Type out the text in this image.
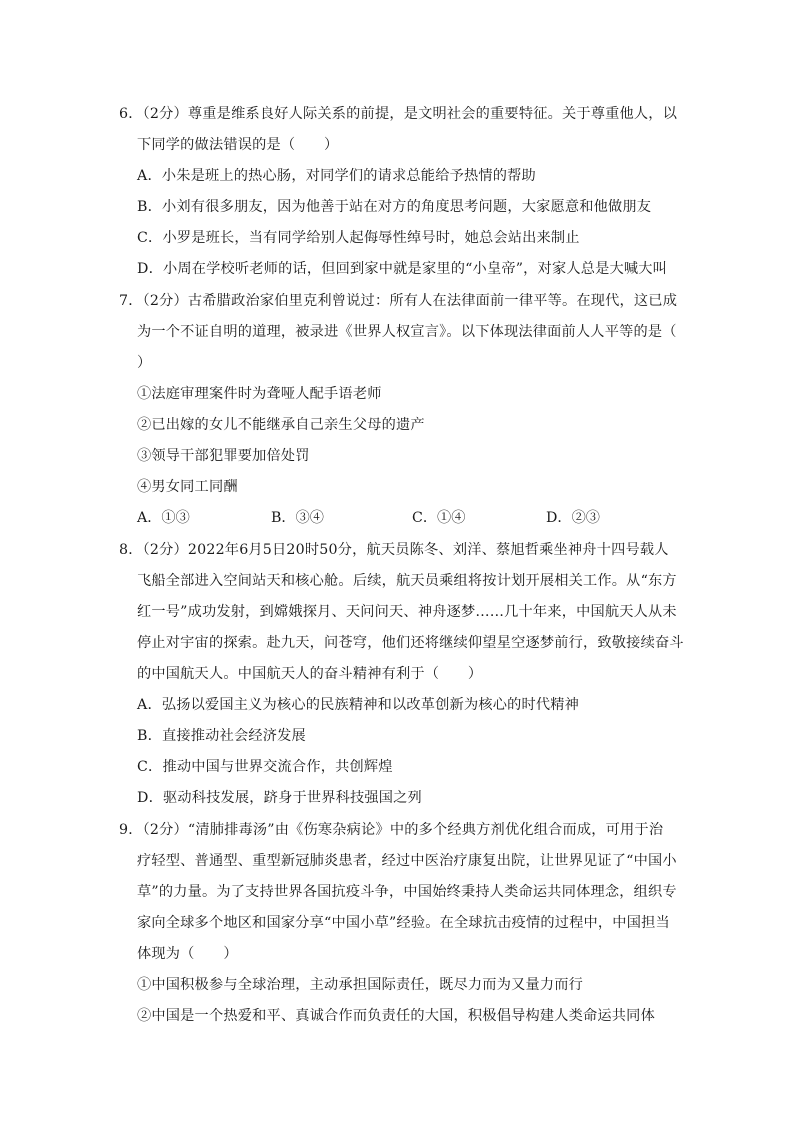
6．（2分）尊重是维系良好人际关系的前提，是文明社会的重要特征。关于尊重他人，以
下同学的做法错误的是（　　）
A．小朱是班上的热心肠，对同学们的请求总能给予热情的帮助
B．小刘有很多朋友，因为他善于站在对方的角度思考问题，大家愿意和他做朋友
C．小罗是班长，当有同学给别人起侮辱性绰号时，她总会站出来制止
D．小周在学校听老师的话，但回到家中就是家里的“小皇帝”，对家人总是大喊大叫
7．（2分）古希腊政治家伯里克利曾说过：所有人在法律面前一律平等。在现代，这已成
为一个不证自明的道理，被录进《世界人权宣言》。以下体现法律面前人人平等的是（
）
①法庭审理案件时为聋哑人配手语老师
②已出嫁的女儿不能继承自己亲生父母的遗产
③领导干部犯罪要加倍处罚
④男女同工同酬
A．①③	B．③④	C．①④	D．②③
8．（2分）2022年6月5日20时50分，航天员陈冬、刘洋、蔡旭哲乘坐神舟十四号载人
飞船全部进入空间站天和核心舱。后续，航天员乘组将按计划开展相关工作。从“东方
红一号”成功发射，到嫦娥探月、天问问天、神舟逐梦……几十年来，中国航天人从未
停止对宇宙的探索。赴九天，问苍穹，他们还将继续仰望星空逐梦前行，致敬接续奋斗
的中国航天人。中国航天人的奋斗精神有利于（　　）
A．弘扬以爱国主义为核心的民族精神和以改革创新为核心的时代精神
B．直接推动社会经济发展
C．推动中国与世界交流合作，共创辉煌
D．驱动科技发展，跻身于世界科技强国之列
9．（2分）“清肺排毒汤”由《伤寒杂病论》中的多个经典方剂优化组合而成，可用于治
疗轻型、普通型、重型新冠肺炎患者，经过中医治疗康复出院，让世界见证了“中国小
草”的力量。为了支持世界各国抗疫斗争，中国始终秉持人类命运共同体理念，组织专
家向全球多个地区和国家分享“中国小草”经验。在全球抗击疫情的过程中，中国担当
体现为（　　）
①中国积极参与全球治理，主动承担国际责任，既尽力而为又量力而行
②中国是一个热爱和平、真诚合作而负责任的大国，积极倡导构建人类命运共同体
